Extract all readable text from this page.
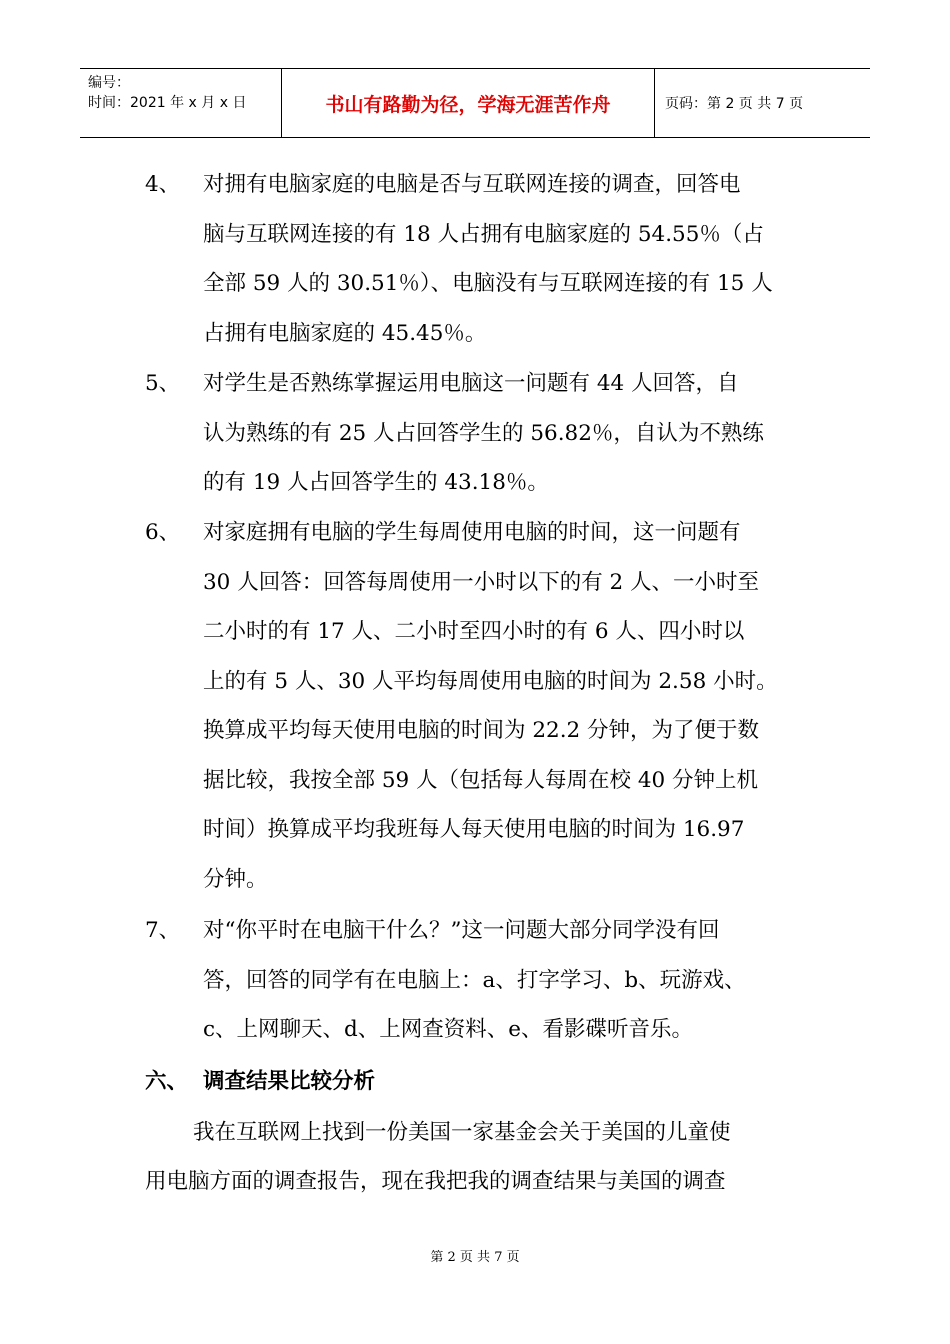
编号：
时间：2021 年 x 月 x 日	书山有路勤为径，学海无涯苦作舟	页码：第 2 页 共 7 页
4、	对拥有电脑家庭的电脑是否与互联网连接的调查，回答电
脑与互联网连接的有 18 人占拥有电脑家庭的 54.55％（占
全部 59 人的 30.51％）、电脑没有与互联网连接的有 15 人
占拥有电脑家庭的 45.45％。
5、	对学生是否熟练掌握运用电脑这一问题有 44 人回答，自
认为熟练的有 25 人占回答学生的 56.82％，自认为不熟练
的有 19 人占回答学生的 43.18％。
6、	对家庭拥有电脑的学生每周使用电脑的时间，这一问题有
30 人回答：回答每周使用一小时以下的有 2 人、一小时至
二小时的有 17 人、二小时至四小时的有 6 人、四小时以
上的有 5 人、30 人平均每周使用电脑的时间为 2.58 小时。
换算成平均每天使用电脑的时间为 22.2 分钟，为了便于数
据比较，我按全部 59 人（包括每人每周在校 40 分钟上机
时间）换算成平均我班每人每天使用电脑的时间为 16.97
分钟。
7、	对“你平时在电脑干什么？”这一问题大部分同学没有回
答，回答的同学有在电脑上：a、打字学习、b、玩游戏、
c、上网聊天、d、上网查资料、e、看影碟听音乐。
六、 调查结果比较分析
我在互联网上找到一份美国一家基金会关于美国的儿童使
用电脑方面的调查报告，现在我把我的调查结果与美国的调查
第 2 页 共 7 页
